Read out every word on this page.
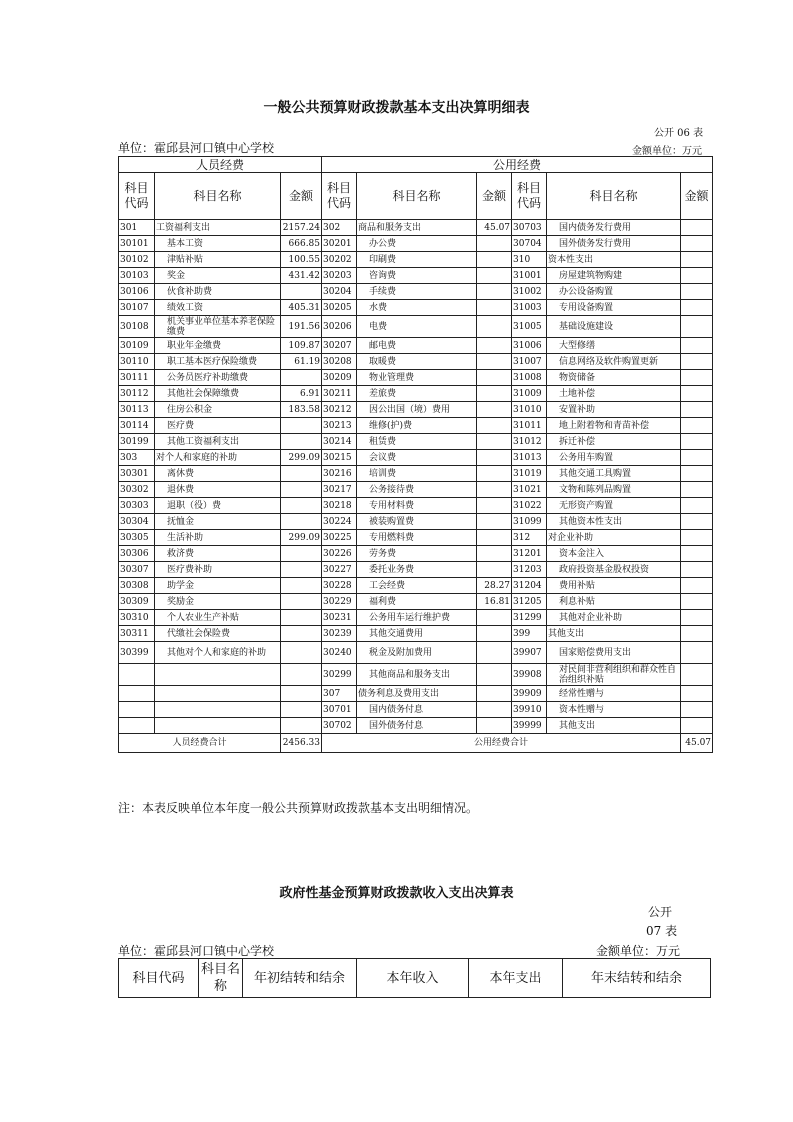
一般公共预算财政拨款基本支出决算明细表
公开 06 表
单位：霍邱县河口镇中心学校	金额单位：万元
人员经费			公用经费					
科目代码	科目名称	金额	科目代码	科目名称	金额	科目代码	科目名称	金额
301	工资福利支出	2157.24	302	商品和服务支出	45.07	30703	国内债务发行费用	
30101	基本工资	666.85	30201	办公费		30704	国外债务发行费用	
30102	津贴补贴	100.55	30202	印刷费		310	资本性支出	
30103	奖金	431.42	30203	咨询费		31001	房屋建筑物购建	
30106	伙食补助费		30204	手续费		31002	办公设备购置	
30107	绩效工资	405.31	30205	水费		31003	专用设备购置	
30108	机关事业单位基本养老保险缴费	191.56	30206	电费		31005	基础设施建设	
30109	职业年金缴费	109.87	30207	邮电费		31006	大型修缮	
30110	职工基本医疗保险缴费	61.19	30208	取暖费		31007	信息网络及软件购置更新	
30111	公务员医疗补助缴费		30209	物业管理费		31008	物资储备	
30112	其他社会保障缴费	6.91	30211	差旅费		31009	土地补偿	
30113	住房公积金	183.58	30212	因公出国（境）费用		31010	安置补助	
30114	医疗费		30213	维修(护)费		31011	地上附着物和青苗补偿	
30199	其他工资福利支出		30214	租赁费		31012	拆迁补偿	
303	对个人和家庭的补助	299.09	30215	会议费		31013	公务用车购置	
30301	离休费		30216	培训费		31019	其他交通工具购置	
30302	退休费		30217	公务接待费		31021	文物和陈列品购置	
30303	退职（役）费		30218	专用材料费		31022	无形资产购置	
30304	抚恤金		30224	被装购置费		31099	其他资本性支出	
30305	生活补助	299.09	30225	专用燃料费		312	对企业补助	
30306	救济费		30226	劳务费		31201	资本金注入	
30307	医疗费补助		30227	委托业务费		31203	政府投资基金股权投资	
30308	助学金		30228	工会经费	28.27	31204	费用补贴	
30309	奖励金		30229	福利费	16.81	31205	利息补贴	
30310	个人农业生产补贴		30231	公务用车运行维护费		31299	其他对企业补助	
30311	代缴社会保险费		30239	其他交通费用		399	其他支出	
30399	其他对个人和家庭的补助		30240	税金及附加费用		39907	国家赔偿费用支出	
			30299	其他商品和服务支出		39908	对民间非营利组织和群众性自治组织补贴	
			307	债务利息及费用支出		39909	经常性赠与	
			30701	国内债务付息		39910	资本性赠与	
			30702	国外债务付息		39999	其他支出	
人员经费合计		2456.33	公用经费合计					45.07
注：本表反映单位本年度一般公共预算财政拨款基本支出明细情况。
政府性基金预算财政拨款收入支出决算表
公开
07 表
单位：霍邱县河口镇中心学校	金额单位：万元
科目代码	科目名称	年初结转和结余	本年收入	本年支出	年末结转和结余
